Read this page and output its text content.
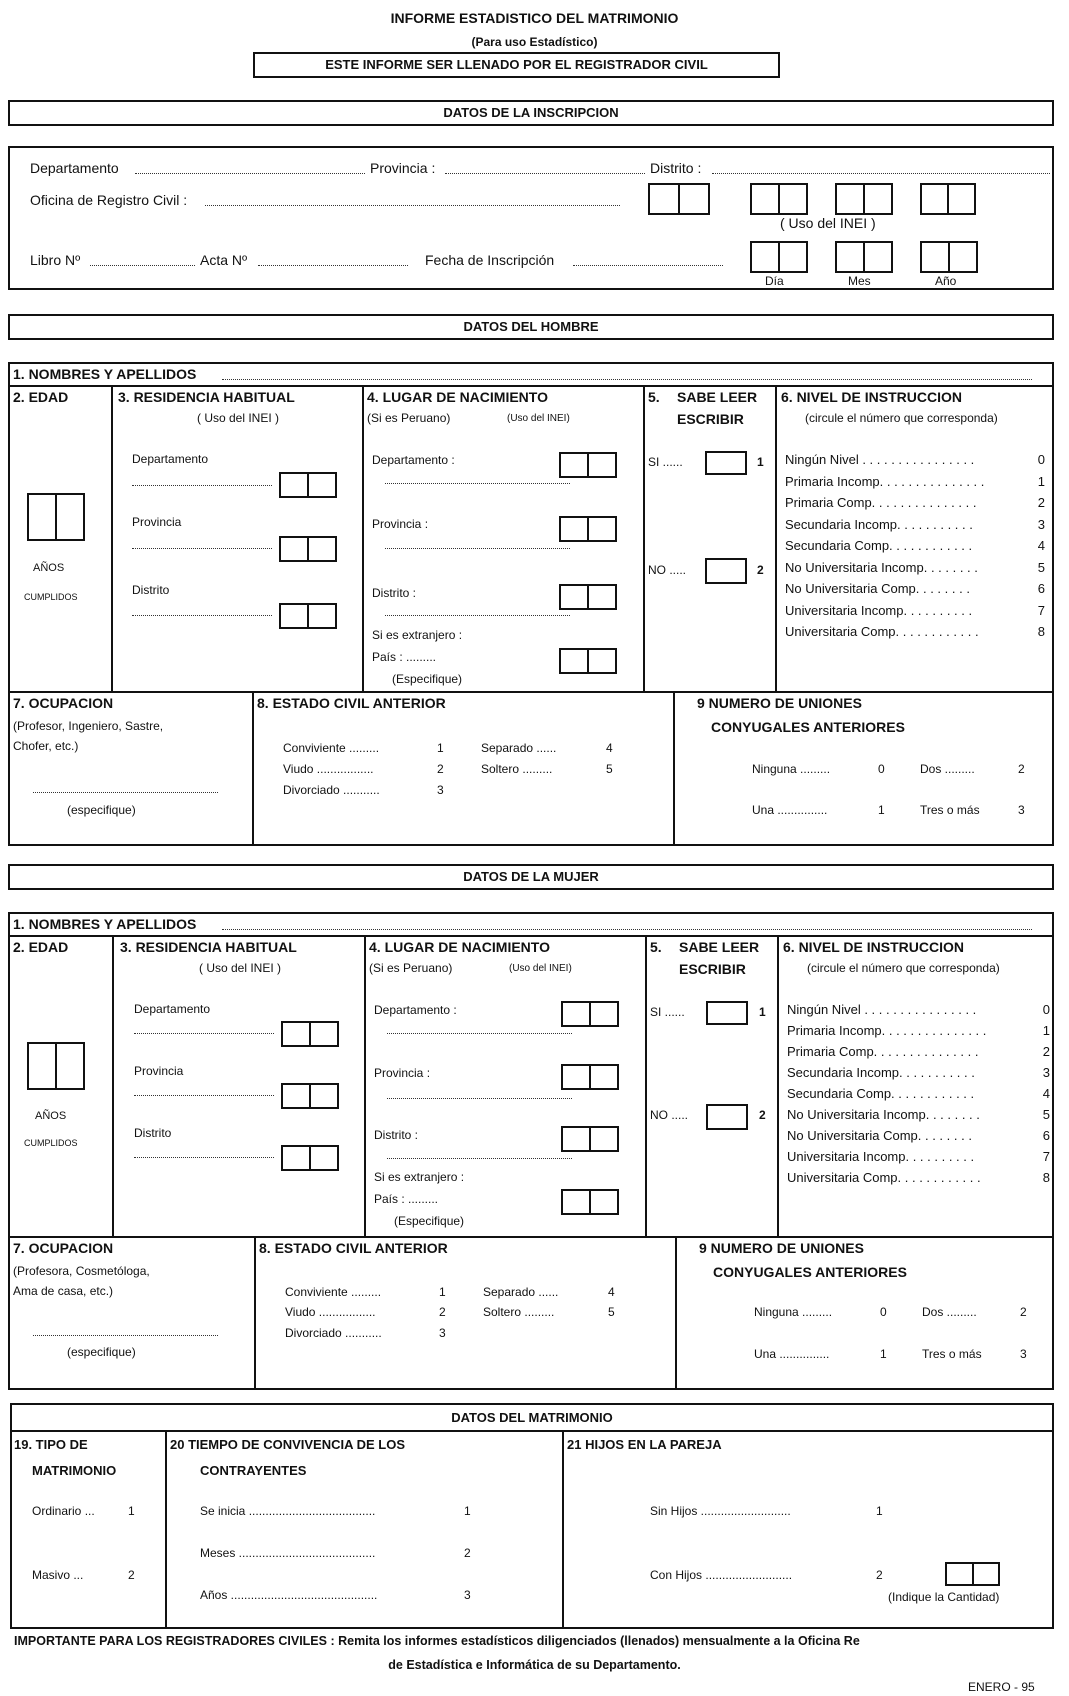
INFORME ESTADISTICO DEL MATRIMONIO
(Para uso Estadístico)
ESTE INFORME SER LLENADO POR EL REGISTRADOR CIVIL
DATOS DE LA INSCRIPCION
Departamento	Provincia :	Distrito :
Oficina de Registro Civil :
( Uso del INEI )
Libro Nº	Acta Nº	Fecha de Inscripción
Día	Mes	Año
DATOS DEL HOMBRE
1. NOMBRES Y APELLIDOS
2. EDAD
AÑOS
CUMPLIDOS
3. RESIDENCIA HABITUAL
( Uso del INEI )
Departamento
Provincia
Distrito
4. LUGAR DE NACIMIENTO
(Si es Peruano)	(Uso del INEI)
Departamento :
Provincia :
Distrito :
Si es extranjero :
País : .........
(Especifique)
5. SABE LEER
ESCRIBIR
SI ......	1
NO .....	2
6. NIVEL DE INSTRUCCION
(circule el número que corresponda)
Ningún Nivel . . . . . . . . . . . . . . . .	0
Primaria Incomp. . . . . . . . . . . . . . .	1
Primaria Comp. . . . . . . . . . . . . . .	2
Secundaria Incomp. . . . . . . . . . .	3
Secundaria Comp. . . . . . . . . . . .	4
No Universitaria Incomp. . . . . . . .	5
No Universitaria Comp. . . . . . . .	6
Universitaria Incomp. . . . . . . . . .	7
Universitaria Comp. . . . . . . . . . . .	8
7. OCUPACION
(Profesor, Ingeniero, Sastre,
Chofer, etc.)
(especifique)
8. ESTADO CIVIL ANTERIOR
Conviviente .........	1
Viudo .................	2
Divorciado ...........	3
Separado ......	4
Soltero .........	5
9 NUMERO DE UNIONES
CONYUGALES ANTERIORES
Ninguna .........	0
Una ...............	1
Dos .........	2
Tres o más	3
DATOS DE LA MUJER
1. NOMBRES Y APELLIDOS
2. EDAD
AÑOS
CUMPLIDOS
3. RESIDENCIA HABITUAL
( Uso del INEI )
Departamento
Provincia
Distrito
4. LUGAR DE NACIMIENTO
(Si es Peruano)	(Uso del INEI)
Departamento :
Provincia :
Distrito :
Si es extranjero :
País : .........
(Especifique)
5. SABE LEER
ESCRIBIR
SI ......	1
NO .....	2
6. NIVEL DE INSTRUCCION
(circule el número que corresponda)
Ningún Nivel . . . . . . . . . . . . . . . .	0
Primaria Incomp. . . . . . . . . . . . . . .	1
Primaria Comp. . . . . . . . . . . . . . .	2
Secundaria Incomp. . . . . . . . . . .	3
Secundaria Comp. . . . . . . . . . . .	4
No Universitaria Incomp. . . . . . . .	5
No Universitaria Comp. . . . . . . .	6
Universitaria Incomp. . . . . . . . . .	7
Universitaria Comp. . . . . . . . . . . .	8
7. OCUPACION
(Profesora, Cosmetóloga,
Ama de casa, etc.)
(especifique)
8. ESTADO CIVIL ANTERIOR
Conviviente .........	1
Viudo .................	2
Divorciado ...........	3
Separado ......	4
Soltero .........	5
9 NUMERO DE UNIONES
CONYUGALES ANTERIORES
Ninguna .........	0
Una ...............	1
Dos .........	2
Tres o más	3
DATOS DEL MATRIMONIO
19. TIPO DE
MATRIMONIO
Ordinario ...	1
Masivo ...	2
20 TIEMPO DE CONVIVENCIA DE LOS
CONTRAYENTES
Se inicia ......................................	1
Meses .........................................	2
Años ............................................	3
21 HIJOS EN LA PAREJA
Sin Hijos ...........................	1
Con Hijos ..........................	2
(Indique la Cantidad)
IMPORTANTE PARA LOS REGISTRADORES CIVILES : Remita los informes estadísticos diligenciados (llenados) mensualmente a la Oficina Re
de Estadística e Informática de su Departamento.
ENERO - 95
